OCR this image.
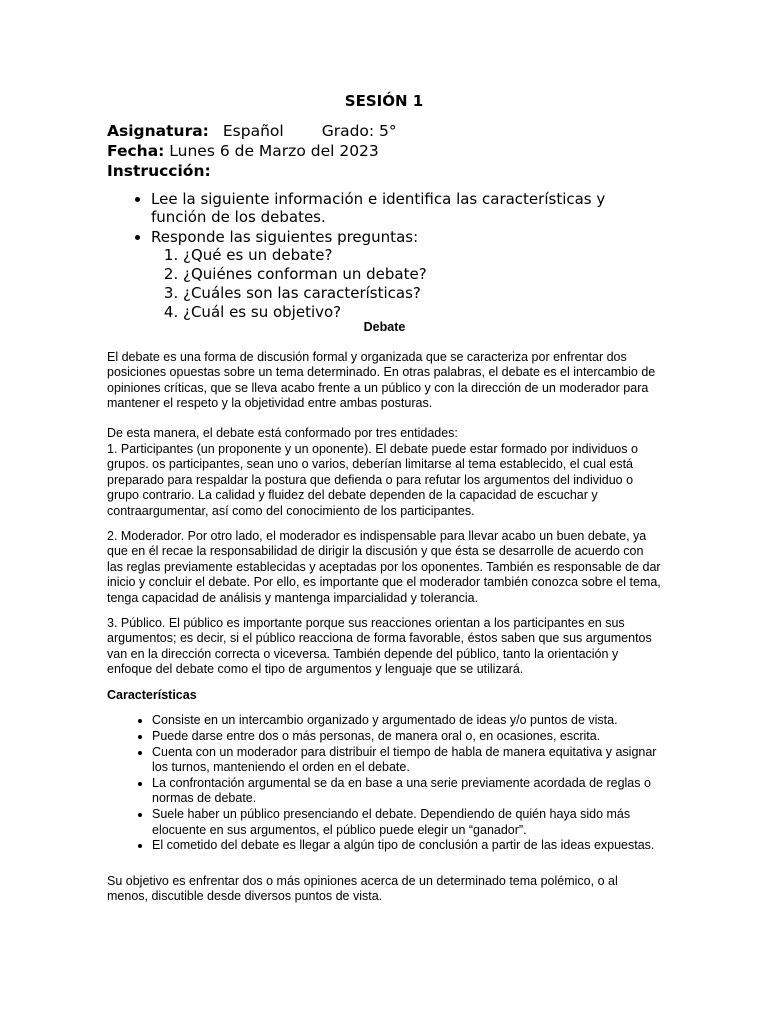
SESIÓN 1
Asignatura: Español Grado: 5°
Fecha: Lunes 6 de Marzo del 2023
Instrucción:
• Lee la siguiente información e identifica las características y función de los debates.
• Responde las siguientes preguntas:
1. ¿Qué es un debate?
2. ¿Quiénes conforman un debate?
3. ¿Cuáles son las características?
4. ¿Cuál es su objetivo?
Debate

El debate es una forma de discusión formal y organizada que se caracteriza por enfrentar dos posiciones opuestas sobre un tema determinado. En otras palabras, el debate es el intercambio de opiniones críticas, que se lleva acabo frente a un público y con la dirección de un moderador para mantener el respeto y la objetividad entre ambas posturas.

De esta manera, el debate está conformado por tres entidades:
1. Participantes (un proponente y un oponente). El debate puede estar formado por individuos o grupos. os participantes, sean uno o varios, deberían limitarse al tema establecido, el cual está preparado para respaldar la postura que defienda o para refutar los argumentos del individuo o grupo contrario. La calidad y fluidez del debate dependen de la capacidad de escuchar y contraargumentar, así como del conocimiento de los participantes.

2. Moderador. Por otro lado, el moderador es indispensable para llevar acabo un buen debate, ya que en él recae la responsabilidad de dirigir la discusión y que ésta se desarrolle de acuerdo con las reglas previamente establecidas y aceptadas por los oponentes. También es responsable de dar inicio y concluir el debate. Por ello, es importante que el moderador también conozca sobre el tema, tenga capacidad de análisis y mantenga imparcialidad y tolerancia.

3. Público. El público es importante porque sus reacciones orientan a los participantes en sus argumentos; es decir, si el público reacciona de forma favorable, éstos saben que sus argumentos van en la dirección correcta o viceversa. También depende del público, tanto la orientación y enfoque del debate como el tipo de argumentos y lenguaje que se utilizará.

Características
• Consiste en un intercambio organizado y argumentado de ideas y/o puntos de vista.
• Puede darse entre dos o más personas, de manera oral o, en ocasiones, escrita.
• Cuenta con un moderador para distribuir el tiempo de habla de manera equitativa y asignar los turnos, manteniendo el orden en el debate.
• La confrontación argumental se da en base a una serie previamente acordada de reglas o normas de debate.
• Suele haber un público presenciando el debate. Dependiendo de quién haya sido más elocuente en sus argumentos, el público puede elegir un “ganador”.
• El cometido del debate es llegar a algún tipo de conclusión a partir de las ideas expuestas.

Su objetivo es enfrentar dos o más opiniones acerca de un determinado tema polémico, o al menos, discutible desde diversos puntos de vista.
